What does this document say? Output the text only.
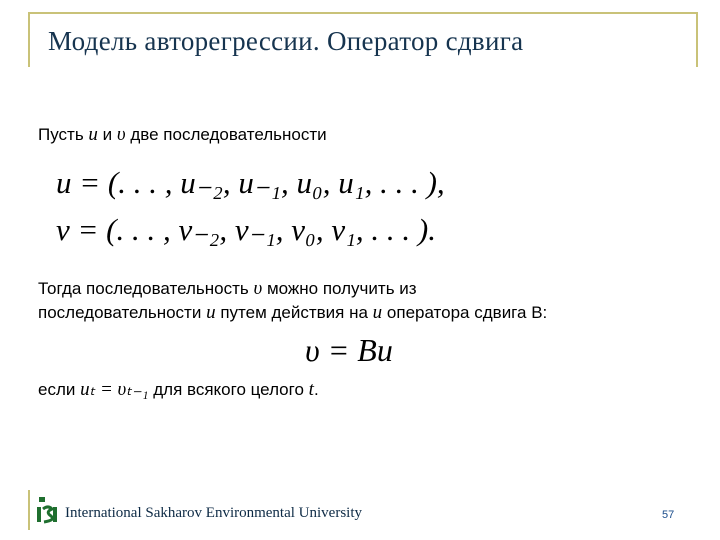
Модель авторегрессии. Оператор сдвига
Пусть u и υ две последовательности
u = (. . . , u₋₂, u₋₁, u₀, u₁, . . . ),
v = (. . . , v₋₂, v₋₁, v₀, v₁, . . . ).
Тогда последовательность υ можно получить из
последовательности u путем действия на u оператора сдвига B:
υ = Bu
если uₜ = υₜ₋₁ для всякого целого t.
International Sakharov Environmental University	57
